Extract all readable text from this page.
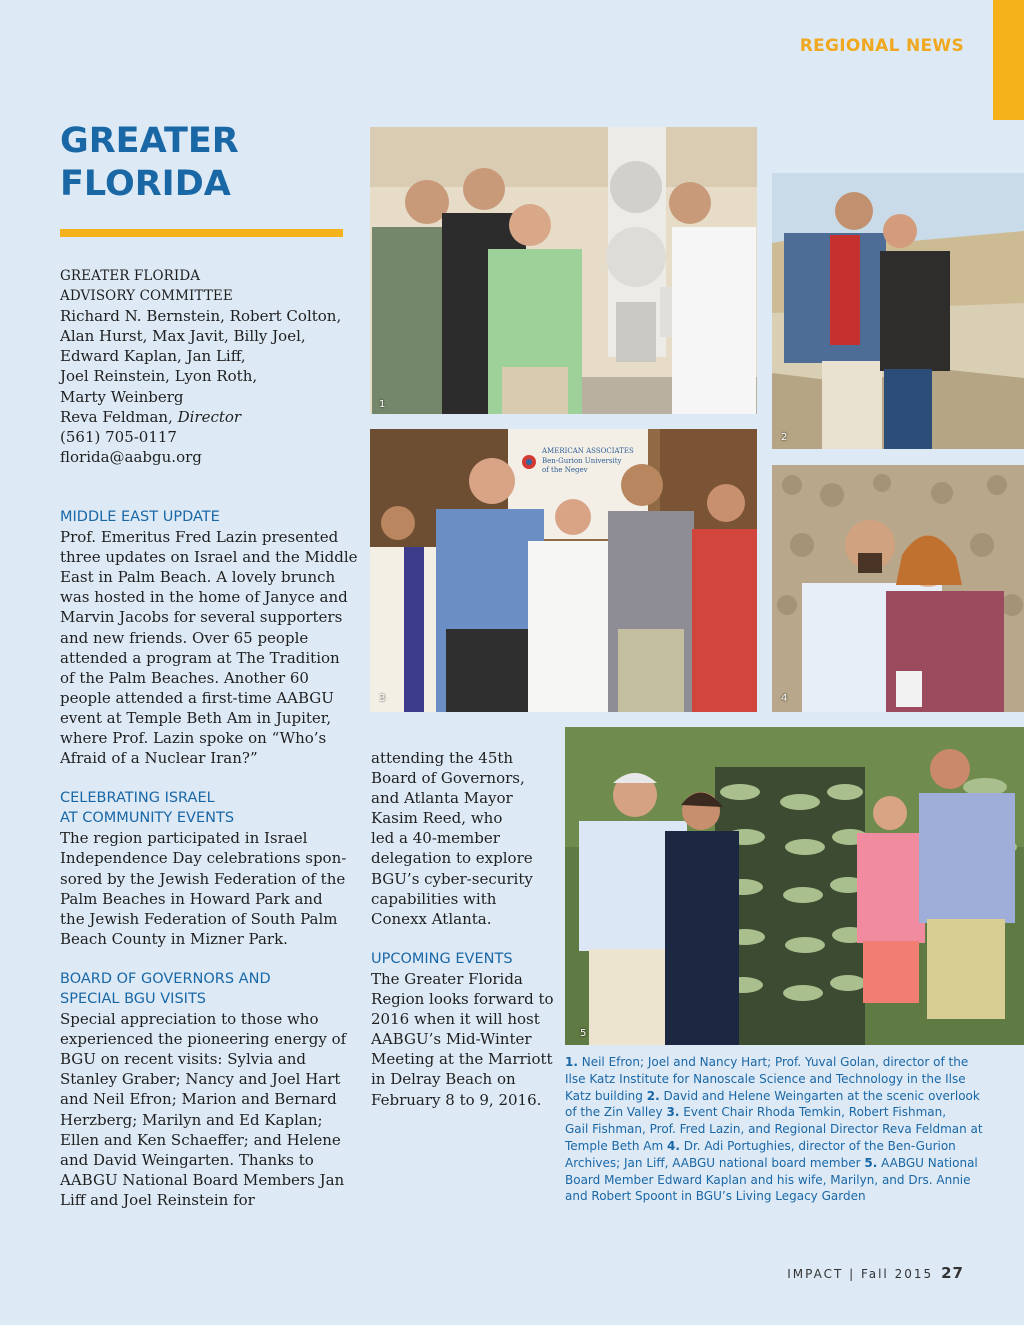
REGIONAL NEWS
GREATER
FLORIDA
GREATER FLORIDA
ADVISORY COMMITTEE
Richard N. Bernstein, Robert Colton,
Alan Hurst, Max Javit, Billy Joel,
Edward Kaplan, Jan Liff,
Joel Reinstein, Lyon Roth,
Marty Weinberg
Reva Feldman, Director
(561) 705-0117
florida@aabgu.org
MIDDLE EAST UPDATE
Prof. Emeritus Fred Lazin presented
three updates on Israel and the Middle
East in Palm Beach. A lovely brunch
was hosted in the home of Janyce and
Marvin Jacobs for several supporters
and new friends. Over 65 people
attended a program at The Tradition
of the Palm Beaches. Another 60
people attended a first-time AABGU
event at Temple Beth Am in Jupiter,
where Prof. Lazin spoke on “Who’s
Afraid of a Nuclear Iran?”
CELEBRATING ISRAEL
AT COMMUNITY EVENTS
The region participated in Israel
Independence Day celebrations spon-
sored by the Jewish Federation of the
Palm Beaches in Howard Park and
the Jewish Federation of South Palm
Beach County in Mizner Park.
BOARD OF GOVERNORS AND
SPECIAL BGU VISITS
Special appreciation to those who
experienced the pioneering energy of
BGU on recent visits: Sylvia and
Stanley Graber; Nancy and Joel Hart
and Neil Efron; Marion and Bernard
Herzberg; Marilyn and Ed Kaplan;
Ellen and Ken Schaeffer; and Helene
and David Weingarten. Thanks to
AABGU National Board Members Jan
Liff and Joel Reinstein for
attending the 45th
Board of Governors,
and Atlanta Mayor
Kasim Reed, who
led a 40-member
delegation to explore
BGU’s cyber-security
capabilities with
Conexx Atlanta.
UPCOMING EVENTS
The Greater Florida
Region looks forward to
2016 when it will host
AABGU’s Mid-Winter
Meeting at the Marriott
in Delray Beach on
February 8 to 9, 2016.
1
2
AMERICAN ASSOCIATES
Ben-Gurion University
of the Negev
3	4
5
1. Neil Efron; Joel and Nancy Hart; Prof. Yuval Golan, director of the
Ilse Katz Institute for Nanoscale Science and Technology in the Ilse
Katz building 2. David and Helene Weingarten at the scenic overlook
of the Zin Valley 3. Event Chair Rhoda Temkin, Robert Fishman,
Gail Fishman, Prof. Fred Lazin, and Regional Director Reva Feldman at
Temple Beth Am 4. Dr. Adi Portughies, director of the Ben-Gurion
Archives; Jan Liff, AABGU national board member 5. AABGU National
Board Member Edward Kaplan and his wife, Marilyn, and Drs. Annie
and Robert Spoont in BGU’s Living Legacy Garden
IMPACT | Fall 2015 27
